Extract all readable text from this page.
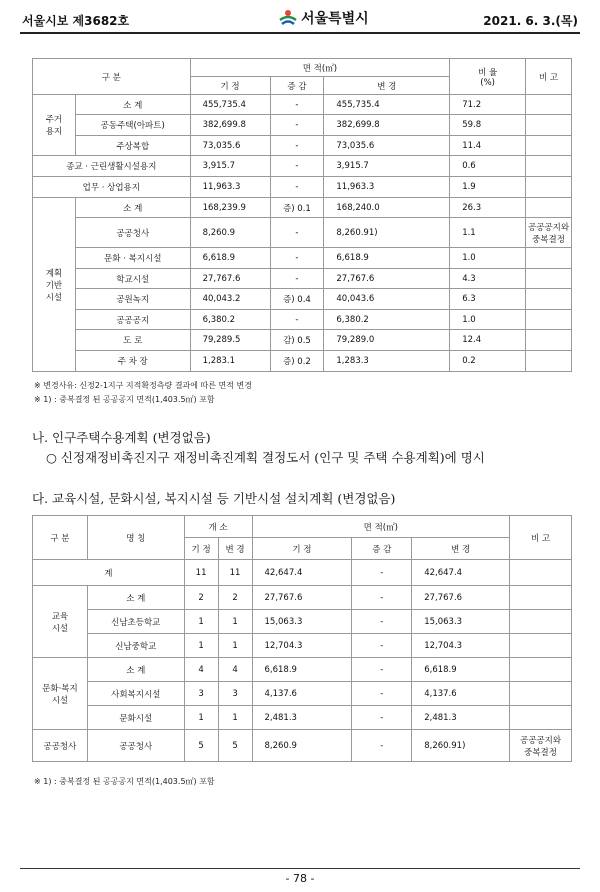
서울시보 제3682호	서울특별시	2021. 6. 3.(목)
구 분		면 적(㎡)			비 율
(%)	비 고
		기 정	증 감	변 경		
주거
용지	소 계	455,735.4	-	455,735.4	71.2	
	공동주택(아파트)	382,699.8	-	382,699.8	59.8	
	주상복합	73,035.6	-	73,035.6	11.4	
종교 · 근린생활시설용지		3,915.7	-	3,915.7	0.6	
업무 · 상업용지		11,963.3	-	11,963.3	1.9	
계획
기반
시설	소 계	168,239.9	증) 0.1	168,240.0	26.3	
	공공청사	8,260.9	-	8,260.91)	1.1	공공공지와
중복결정
	문화 · 복지시설	6,618.9	-	6,618.9	1.0	
	학교시설	27,767.6	-	27,767.6	4.3	
	공원녹지	40,043.2	증) 0.4	40,043.6	6.3	
	공공공지	6,380.2	-	6,380.2	1.0	
	도 로	79,289.5	감) 0.5	79,289.0	12.4	
	주 차 장	1,283.1	증) 0.2	1,283.3	0.2	
※ 변경사유: 신정2-1지구 지적확정측량 결과에 따른 면적 변경
※ 1) : 중복결정 된 공공공지 면적(1,403.5㎡) 포함
나. 인구주택수용계획 (변경없음)
○ 신정재정비촉진지구 재정비촉진계획 결정도서 (인구 및 주택 수용계획)에 명시
다. 교육시설, 문화시설, 복지시설 등 기반시설 설치계획 (변경없음)
구 분	명 칭	개 소		면 적(㎡)			비 고
		기 정	변 경	기 정	증 감	변 경	
계		11	11	42,647.4	-	42,647.4	
교육
시설	소 계	2	2	27,767.6	-	27,767.6	
	신남초등학교	1	1	15,063.3	-	15,063.3	
	신남중학교	1	1	12,704.3	-	12,704.3	
문화·복지
시설	소 계	4	4	6,618.9	-	6,618.9	
	사회복지시설	3	3	4,137.6	-	4,137.6	
	문화시설	1	1	2,481.3	-	2,481.3	
공공청사	공공청사	5	5	8,260.9	-	8,260.91)	공공공지와
중복결정
※ 1) : 중복결정 된 공공공지 면적(1,403.5㎡) 포함
- 78 -
